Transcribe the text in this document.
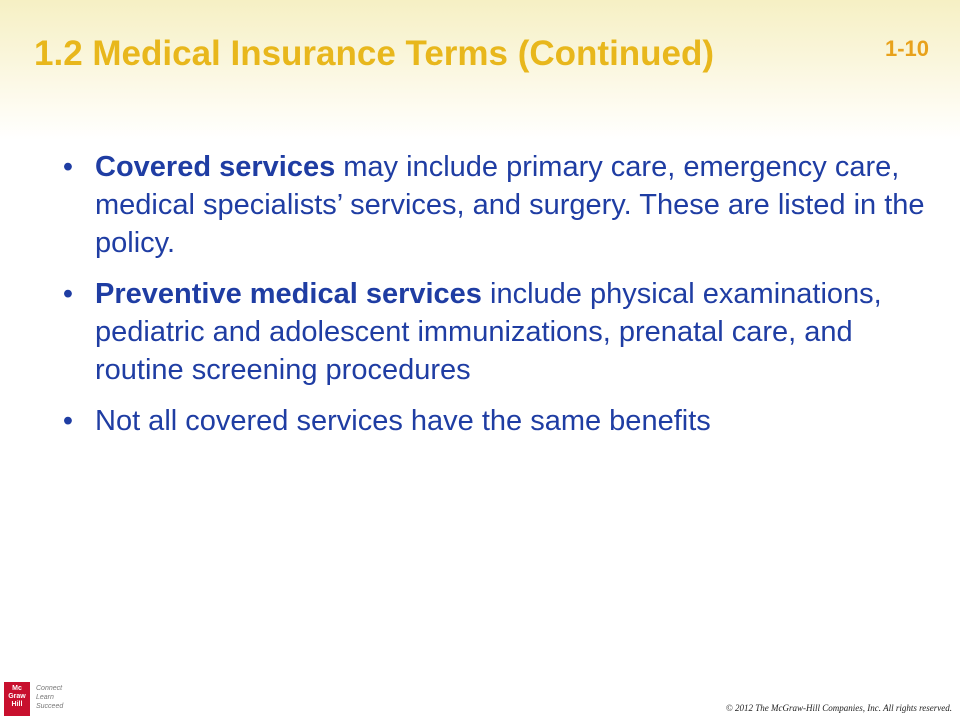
1.2 Medical Insurance Terms (Continued)	1-10
• Covered services may include primary care, emergency care, medical specialists’ services, and surgery. These are listed in the policy.
• Preventive medical services include physical examinations, pediatric and adolescent immunizations, prenatal care, and routine screening procedures
• Not all covered services have the same benefits
Mc Graw Hill
Connect
Learn
Succeed	© 2012 The McGraw-Hill Companies, Inc. All rights reserved.
